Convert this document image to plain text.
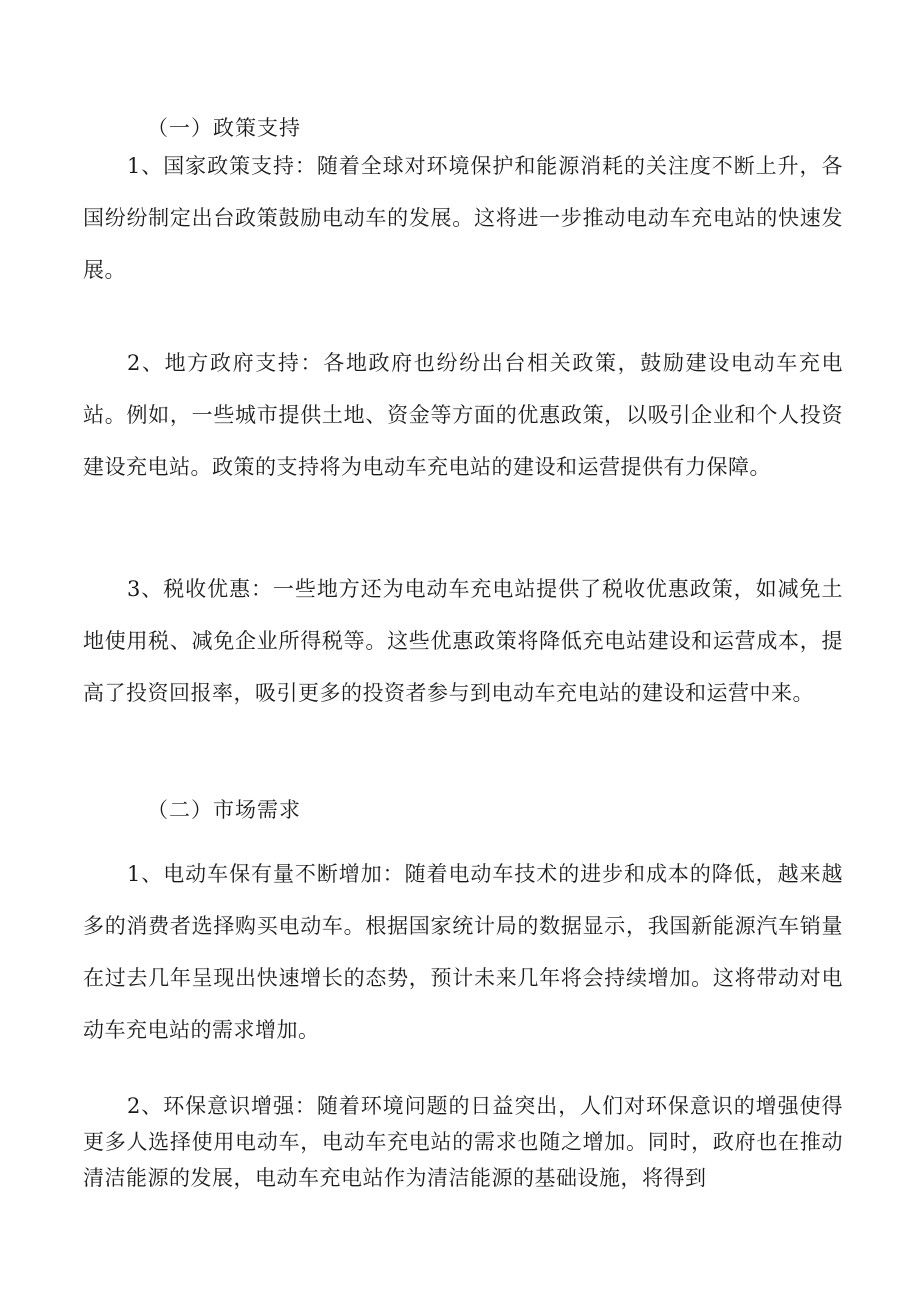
（一）政策支持
1、国家政策支持：随着全球对环境保护和能源消耗的关注度不断上升，各国纷纷制定出台政策鼓励电动车的发展。这将进一步推动电动车充电站的快速发展。
2、地方政府支持：各地政府也纷纷出台相关政策，鼓励建设电动车充电站。例如，一些城市提供土地、资金等方面的优惠政策，以吸引企业和个人投资建设充电站。政策的支持将为电动车充电站的建设和运营提供有力保障。
3、税收优惠：一些地方还为电动车充电站提供了税收优惠政策，如减免土地使用税、减免企业所得税等。这些优惠政策将降低充电站建设和运营成本，提高了投资回报率，吸引更多的投资者参与到电动车充电站的建设和运营中来。
（二）市场需求
1、电动车保有量不断增加：随着电动车技术的进步和成本的降低，越来越多的消费者选择购买电动车。根据国家统计局的数据显示，我国新能源汽车销量在过去几年呈现出快速增长的态势，预计未来几年将会持续增加。这将带动对电动车充电站的需求增加。
2、环保意识增强：随着环境问题的日益突出，人们对环保意识的增强使得更多人选择使用电动车，电动车充电站的需求也随之增加。同时，政府也在推动清洁能源的发展，电动车充电站作为清洁能源的基础设施，将得到
